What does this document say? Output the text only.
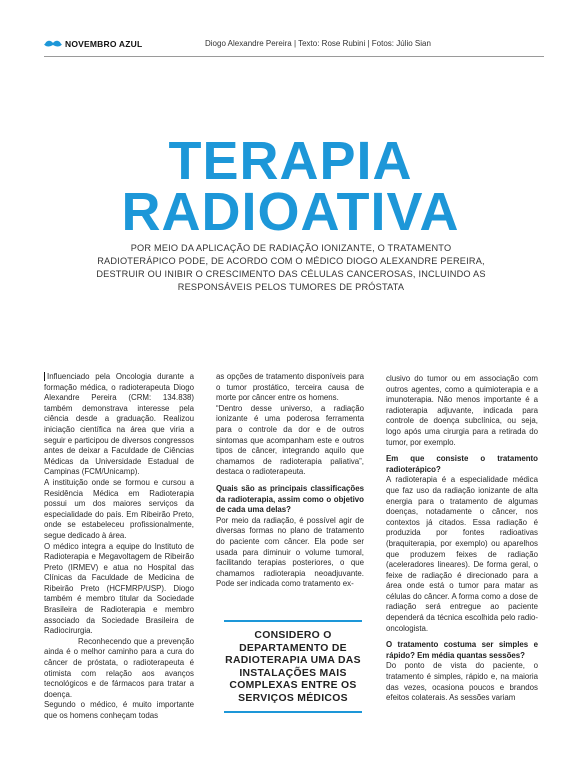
NOVEMBRO AZUL	Diogo Alexandre Pereira | Texto: Rose Rubini | Fotos: Júlio Sian
TERAPIA
RADIOATIVA
POR MEIO DA APLICAÇÃO DE RADIAÇÃO IONIZANTE, O TRATAMENTO RADIOTERÁPICO PODE, DE ACORDO COM O MÉDICO DIOGO ALEXANDRE PEREIRA, DESTRUIR OU INIBIR O CRESCIMENTO DAS CÉLULAS CANCEROSAS, INCLUINDO AS RESPONSÁVEIS PELOS TUMORES DE PRÓSTATA

Influenciado pela Oncologia durante a formação médica, o radioterapeuta Diogo Alexandre Pereira (CRM: 134.838) também demonstrava interesse pela ciência desde a graduação. Realizou iniciação científica na área que viria a seguir e participou de diversos congressos antes de deixar a Faculdade de Ciências Médicas da Universidade Estadual de Campinas (FCM/Unicamp).

A instituição onde se formou e cursou a Residência Médica em Radioterapia possui um dos maiores serviços da especialidade do país. Em Ribeirão Preto, onde se estabeleceu profissionalmente, segue dedicado à área.

O médico integra a equipe do Instituto de Radioterapia e Megavoltagem de Ribeirão Preto (IRMEV) e atua no Hospital das Clínicas da Faculdade de Medicina de Ribeirão Preto (HCFMRP/USP). Diogo também é membro titular da Sociedade Brasileira de Radioterapia e membro associado da Sociedade Brasileira de Radiocirurgia.

Reconhecendo que a prevenção ainda é o melhor caminho para a cura do câncer de próstata, o radioterapeuta é otimista com relação aos avanços tecnológicos e de fármacos para tratar a doença.

Segundo o médico, é muito importante que os homens conheçam todas

as opções de tratamento disponíveis para o tumor prostático, terceira causa de morte por câncer entre os homens.

“Dentro desse universo, a radiação ionizante é uma poderosa ferramenta para o controle da dor e de outros sintomas que acompanham este e outros tipos de câncer, integrando aquilo que chamamos de radioterapia paliativa”, destaca o radioterapeuta.

Quais são as principais classificações da radioterapia, assim como o objetivo de cada uma delas?

Por meio da radiação, é possível agir de diversas formas no plano de tratamento do paciente com câncer. Ela pode ser usada para diminuir o volume tumoral, facilitando terapias posteriores, o que chamamos radioterapia neoadjuvante. Pode ser indicada como tratamento ex-

CONSIDERO O DEPARTAMENTO DE RADIOTERAPIA UMA DAS INSTALAÇÕES MAIS COMPLEXAS ENTRE OS SERVIÇOS MÉDICOS

clusivo do tumor ou em associação com outros agentes, como a quimioterapia e a imunoterapia. Não menos importante é a radioterapia adjuvante, indicada para controle de doença subclínica, ou seja, logo após uma cirurgia para a retirada do tumor, por exemplo.

Em que consiste o tratamento radioterápico?

A radioterapia é a especialidade médica que faz uso da radiação ionizante de alta energia para o tratamento de algumas doenças, notadamente o câncer, nos contextos já citados. Essa radiação é produzida por fontes radioativas (braquiterapia, por exemplo) ou aparelhos que produzem feixes de radiação (aceleradores lineares). De forma geral, o feixe de radiação é direcionado para a área onde está o tumor para matar as células do câncer. A forma como a dose de radiação será entregue ao paciente dependerá da técnica escolhida pelo radio-oncologista.

O tratamento costuma ser simples e rápido? Em média quantas sessões?

Do ponto de vista do paciente, o tratamento é simples, rápido e, na maioria das vezes, ocasiona poucos e brandos efeitos colaterais. As sessões variam
